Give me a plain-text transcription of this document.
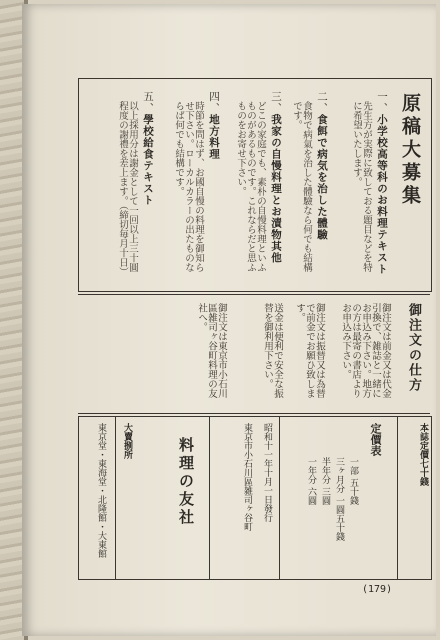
原稿大募集
一、小学校高等科のお料理テキスト
先生方が実際に致しておる題目などを特に希望いたします。
二、食餌で病気を治した體驗
食物で病氣を治した體驗なら何でも結構です。
三、我家の自慢料理とお漬物其他
どこの家庭でも、素朴の自慢料理といふものがあるものです。これならだと思ふものをお寄せ下さい。
四、地方料理
時節を問はず、お國自慢の料理を御知らせ下さい。ローカルカラーの出たものならば何でも結構です。
五、學校給食テキスト
以上採用分は謝金として一回以上三十圓程度の謝禮を差上ます。（締切毎月十日）
御注文の仕方
御注文は前金又は代金引換で、雑誌と一緒にお申込み下さい。地方の方は最寄の書店よりお申込み下さい。
御注文は振替又は為替で前金でお願ひ致します。
送金は便利で安全な振替を御利用下さい。
御注文は東京市小石川區雑司ヶ谷町料理の友社へ。
本誌定價七十錢
定價表
一部 五十錢
三ヶ月分 一圓五十錢
半年分 三圓
一年分 六圓
昭和十一年十月一日發行
東京市小石川區雑司ヶ谷町
料理の友社
大賣捌所
東京堂・東海堂・北隆館・大東館
(179)
